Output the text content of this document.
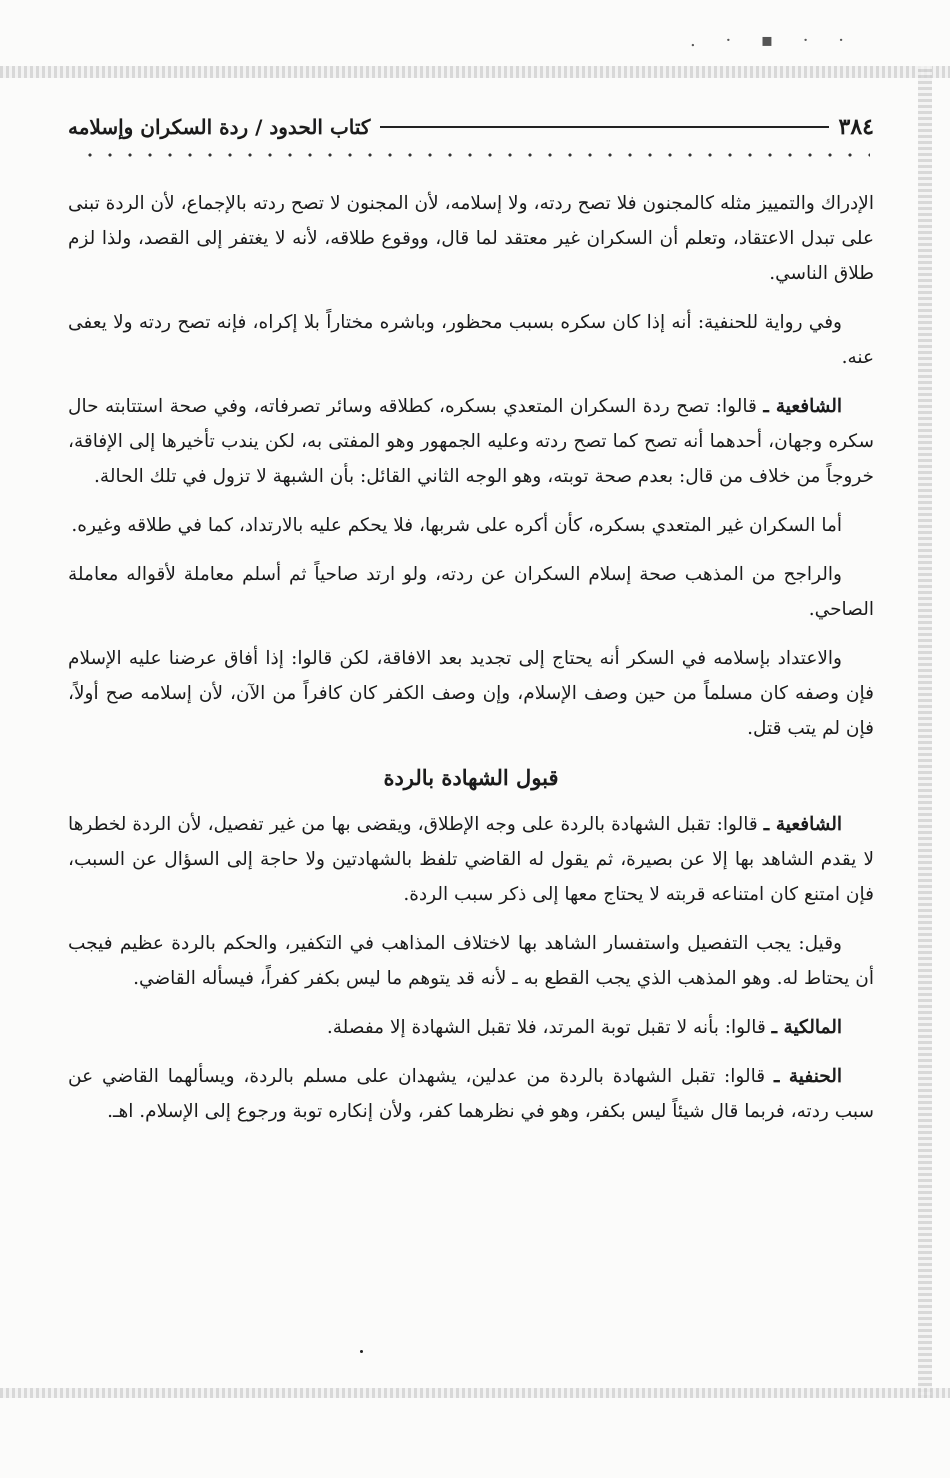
· · ▪ · .
٣٨٤
كتاب الحدود / ردة السكران وإسلامه

الإدراك والتمييز مثله كالمجنون فلا تصح ردته، ولا إسلامه، لأن المجنون لا تصح ردته بالإجماع، لأن الردة تبنى على تبدل الاعتقاد، وتعلم أن السكران غير معتقد لما قال، ووقوع طلاقه، لأنه لا يغتفر إلى القصد، ولذا لزم طلاق الناسي.

وفي رواية للحنفية: أنه إذا كان سكره بسبب محظور، وباشره مختاراً بلا إكراه، فإنه تصح ردته ولا يعفى عنه.

الشافعية ـ قالوا: تصح ردة السكران المتعدي بسكره، كطلاقه وسائر تصرفاته، وفي صحة استتابته حال سكره وجهان، أحدهما أنه تصح كما تصح ردته وعليه الجمهور وهو المفتى به، لكن يندب تأخيرها إلى الإفاقة، خروجاً من خلاف من قال: بعدم صحة توبته، وهو الوجه الثاني القائل: بأن الشبهة لا تزول في تلك الحالة.

أما السكران غير المتعدي بسكره، كأن أكره على شربها، فلا يحكم عليه بالارتداد، كما في طلاقه وغيره.

والراجح من المذهب صحة إسلام السكران عن ردته، ولو ارتد صاحياً ثم أسلم معاملة لأقواله معاملة الصاحي.

والاعتداد بإسلامه في السكر أنه يحتاج إلى تجديد بعد الافاقة، لكن قالوا: إذا أفاق عرضنا عليه الإسلام فإن وصفه كان مسلماً من حين وصف الإسلام، وإن وصف الكفر كان كافراً من الآن، لأن إسلامه صح أولاً، فإن لم يتب قتل.

قبول الشهادة بالردة

الشافعية ـ قالوا: تقبل الشهادة بالردة على وجه الإطلاق، ويقضى بها من غير تفصيل، لأن الردة لخطرها لا يقدم الشاهد بها إلا عن بصيرة، ثم يقول له القاضي تلفظ بالشهادتين ولا حاجة إلى السؤال عن السبب، فإن امتنع كان امتناعه قربته لا يحتاج معها إلى ذكر سبب الردة.

وقيل: يجب التفصيل واستفسار الشاهد بها لاختلاف المذاهب في التكفير، والحكم بالردة عظيم فيجب أن يحتاط له. وهو المذهب الذي يجب القطع به ـ لأنه قد يتوهم ما ليس بكفر كفراً، فيسأله القاضي.

المالكية ـ قالوا: بأنه لا تقبل توبة المرتد، فلا تقبل الشهادة إلا مفصلة.

الحنفية ـ قالوا: تقبل الشهادة بالردة من عدلين، يشهدان على مسلم بالردة، ويسألهما القاضي عن سبب ردته، فربما قال شيئاً ليس بكفر، وهو في نظرهما كفر، ولأن إنكاره توبة ورجوع إلى الإسلام. اهـ.
